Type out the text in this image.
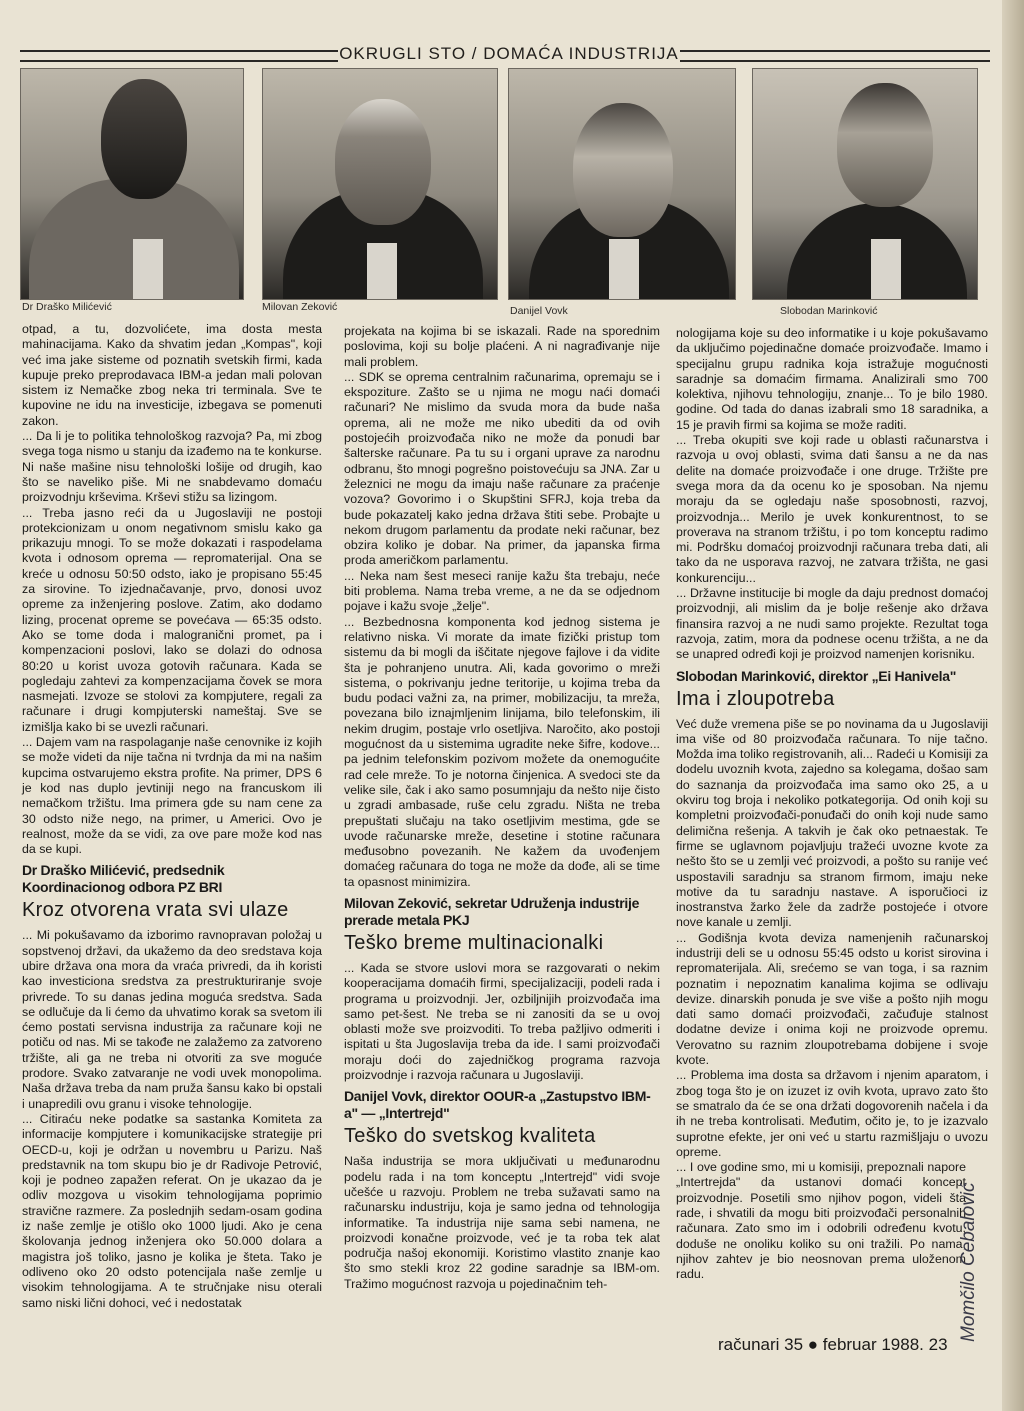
OKRUGLI STO / DOMAĆA INDUSTRIJA
Dr Draško Milićević	Milovan Zeković	Danijel Vovk	Slobodan Marinković

otpad, a tu, dozvolićete, ima dosta mesta mahinacijama. Kako da shvatim jedan „Kompas", koji već ima jake sisteme od poznatih svetskih firmi, kada kupuje preko preprodavaca IBM-a jedan mali polovan sistem iz Nemačke zbog neka tri terminala. Sve te kupovine ne idu na investicije, izbegava se pomenuti zakon.

... Da li je to politika tehnološkog razvoja? Pa, mi zbog svega toga nismo u stanju da izađemo na te konkurse. Ni naše mašine nisu tehnološki lošije od drugih, kao što se naveliko piše. Mi ne snabdevamo domaću proizvodnju krševima. Krševi stižu sa lizingom.

... Treba jasno reći da u Jugoslaviji ne postoji protekcionizam u onom negativnom smislu kako ga prikazuju mnogi. To se može dokazati i raspodelama kvota i odnosom oprema — repromaterijal. Ona se kreće u odnosu 50:50 odsto, iako je propisano 55:45 za sirovine. To izjednačavanje, prvo, donosi uvoz opreme za inženjering poslove. Zatim, ako dodamo lizing, procenat opreme se povećava — 65:35 odsto. Ako se tome doda i malogranični promet, pa i kompenzacioni poslovi, lako se dolazi do odnosa 80:20 u korist uvoza gotovih računara. Kada se pogledaju zahtevi za kompenzacijama čovek se mora nasmejati. Izvoze se stolovi za kompjutere, regali za računare i drugi kompjuterski nameštaj. Sve se izmišlja kako bi se uvezli računari.

... Dajem vam na raspolaganje naše cenovnike iz kojih se može videti da nije tačna ni tvrdnja da mi na našim kupcima ostvarujemo ekstra profite. Na primer, DPS 6 je kod nas duplo jevtiniji nego na francuskom ili nemačkom tržištu. Ima primera gde su nam cene za 30 odsto niže nego, na primer, u Americi. Ovo je realnost, može da se vidi, za ove pare može kod nas da se kupi.

Dr Draško Milićević, predsednik Koordinacionog odbora PZ BRI
Kroz otvorena vrata svi ulaze

... Mi pokušavamo da izborimo ravnopravan položaj u sopstvenoj državi, da ukažemo da deo sredstava koja ubire država ona mora da vraća privredi, da ih koristi kao investiciona sredstva za prestrukturiranje svoje privrede. To su danas jedina moguća sredstva. Sada se odlučuje da li ćemo da uhvatimo korak sa svetom ili ćemo postati servisna industrija za računare koji ne potiču od nas. Mi se takođe ne zalažemo za zatvoreno tržište, ali ga ne treba ni otvoriti za sve moguće prodore. Svako zatvaranje ne vodi uvek monopolima. Naša država treba da nam pruža šansu kako bi opstali i unapredili ovu granu i visoke tehnologije.

... Citiraću neke podatke sa sastanka Komiteta za informacije kompjutere i komunikacijske strategije pri OECD-u, koji je održan u novembru u Parizu. Naš predstavnik na tom skupu bio je dr Radivoje Petrović, koji je podneo zapažen referat. On je ukazao da je odliv mozgova u visokim tehnologijama poprimio stravične razmere. Za poslednjih sedam-osam godina iz naše zemlje je otišlo oko 1000 ljudi. Ako je cena školovanja jednog inženjera oko 50.000 dolara a magistra još toliko, jasno je kolika je šteta. Tako je odliveno oko 20 odsto potencijala naše zemlje u visokim tehnologijama. A te stručnjake nisu oterali samo niski lični dohoci, već i nedostatak

projekata na kojima bi se iskazali. Rade na sporednim poslovima, koji su bolje plaćeni. A ni nagrađivanje nije mali problem.

... SDK se oprema centralnim računarima, opremaju se i ekspoziture. Zašto se u njima ne mogu naći domaći računari? Ne mislimo da svuda mora da bude naša oprema, ali ne može me niko ubediti da od ovih postojećih proizvođača niko ne može da ponudi bar šalterske računare. Pa tu su i organi uprave za narodnu odbranu, što mnogi pogrešno poistovećuju sa JNA. Zar u železnici ne mogu da imaju naše računare za praćenje vozova? Govorimo i o Skupštini SFRJ, koja treba da bude pokazatelj kako jedna država štiti sebe. Probajte u nekom drugom parlamentu da prodate neki računar, bez obzira koliko je dobar. Na primer, da japanska firma proda američkom parlamentu.

... Neka nam šest meseci ranije kažu šta trebaju, neće biti problema. Nama treba vreme, a ne da se odjednom pojave i kažu svoje „želje".

... Bezbednosna komponenta kod jednog sistema je relativno niska. Vi morate da imate fizički pristup tom sistemu da bi mogli da iščitate njegove fajlove i da vidite šta je pohranjeno unutra. Ali, kada govorimo o mreži sistema, o pokrivanju jedne teritorije, u kojima treba da budu podaci važni za, na primer, mobilizaciju, ta mreža, povezana bilo iznajmljenim linijama, bilo telefonskim, ili nekim drugim, postaje vrlo osetljiva. Naročito, ako postoji mogućnost da u sistemima ugradite neke šifre, kodove... pa jednim telefonskim pozivom možete da onemogućite rad cele mreže. To je notorna činjenica. A svedoci ste da velike sile, čak i ako samo posumnjaju da nešto nije čisto u zgradi ambasade, ruše celu zgradu. Ništa ne treba prepuštati slučaju na tako osetljivim mestima, gde se uvode računarske mreže, desetine i stotine računara međusobno povezanih. Ne kažem da uvođenjem domaćeg računara do toga ne može da dođe, ali se time ta opasnost minimizira.

Milovan Zeković, sekretar Udruženja industrije prerade metala PKJ
Teško breme multinacionalki

... Kada se stvore uslovi mora se razgovarati o nekim kooperacijama domaćih firmi, specijalizaciji, podeli rada i programa u proizvodnji. Jer, ozbiljnijih proizvođača ima samo pet-šest. Ne treba se ni zanositi da se u ovoj oblasti može sve proizvoditi. To treba pažljivo odmeriti i ispitati u šta Jugoslavija treba da ide. I sami proizvođači moraju doći do zajedničkog programa razvoja proizvodnje i razvoja računara u Jugoslaviji.

Danijel Vovk, direktor OOUR-a „Zastupstvo IBM-a" — „Intertrejd"
Teško do svetskog kvaliteta

Naša industrija se mora uključivati u međunarodnu podelu rada i na tom konceptu „Intertrejd" vidi svoje učešće u razvoju. Problem ne treba sužavati samo na računarsku industriju, koja je samo jedna od tehnologija informatike. Ta industrija nije sama sebi namena, ne proizvodi konačne proizvode, već je ta roba tek alat područja našoj ekonomiji. Koristimo vlastito znanje kao što smo stekli kroz 22 godine saradnje sa IBM-om. Tražimo mogućnost razvoja u pojedinačnim teh-

nologijama koje su deo informatike i u koje pokušavamo da uključimo pojedinačne domaće proizvođače. Imamo i specijalnu grupu radnika koja istražuje mogućnosti saradnje sa domaćim firmama. Analizirali smo 700 kolektiva, njihovu tehnologiju, znanje... To je bilo 1980. godine. Od tada do danas izabrali smo 18 saradnika, a 15 je pravih firmi sa kojima se može raditi.

... Treba okupiti sve koji rade u oblasti računarstva i razvoja u ovoj oblasti, svima dati šansu a ne da nas delite na domaće proizvođače i one druge. Tržište pre svega mora da da ocenu ko je sposoban. Na njemu moraju da se ogledaju naše sposobnosti, razvoj, proizvodnja... Merilo je uvek konkurentnost, to se proverava na stranom tržištu, i po tom konceptu radimo mi. Podršku domaćoj proizvodnji računara treba dati, ali tako da ne usporava razvoj, ne zatvara tržišta, ne gasi konkurenciju...

... Državne institucije bi mogle da daju prednost domaćoj proizvodnji, ali mislim da je bolje rešenje ako država finansira razvoj a ne nudi samo projekte. Rezultat toga razvoja, zatim, mora da podnese ocenu tržišta, a ne da se unapred određi koji je proizvod namenjen korisniku.

Slobodan Marinković, direktor „Ei Hanivela"
Ima i zloupotreba

Već duže vremena piše se po novinama da u Jugoslaviji ima više od 80 proizvođača računara. To nije tačno. Možda ima toliko registrovanih, ali... Radeći u Komisiji za dodelu uvoznih kvota, zajedno sa kolegama, došao sam do saznanja da proizvođača ima samo oko 25, a u okviru tog broja i nekoliko potkategorija. Od onih koji su kompletni proizvođači-ponuđači do onih koji nude samo delimična rešenja. A takvih je čak oko petnaestak. Te firme se uglavnom pojavljuju tražeći uvozne kvote za nešto što se u zemlji već proizvodi, a pošto su ranije već uspostavili saradnju sa stranom firmom, imaju neke motive da tu saradnju nastave. A isporučioci iz inostranstva žarko žele da zadrže postojeće i otvore nove kanale u zemlji.

... Godišnja kvota deviza namenjenih računarskoj industriji deli se u odnosu 55:45 odsto u korist sirovina i repromaterijala. Ali, srećemo se van toga, i sa raznim poznatim i nepoznatim kanalima kojima se odlivaju devize. dinarskih ponuda je sve više a pošto njih mogu dati samo domaći proizvođači, začuđuje stalnost dodatne devize i onima koji ne proizvode opremu. Verovatno su raznim zloupotrebama dobijene i svoje kvote.

... Problema ima dosta sa državom i njenim aparatom, i zbog toga što je on izuzet iz ovih kvota, upravo zato što se smatralo da će se ona držati dogovorenih načela i da ih ne treba kontrolisati. Međutim, očito je, to je izazvalo suprotne efekte, jer oni već u startu razmišljaju o uvozu opreme.

... I ove godine smo, mi u komisiji, prepoznali napore „Intertrejda" da ustanovi domaći koncept proizvodnje. Posetili smo njihov pogon, videli šta rade, i shvatili da mogu biti proizvođači personalnih računara. Zato smo im i odobrili određenu kvotu, doduše ne onoliku koliko su oni tražili. Po nama, njihov zahtev je bio neosnovan prema uloženom radu.	Momčilo Cebalović
računari 35 ● februar 1988. 23
